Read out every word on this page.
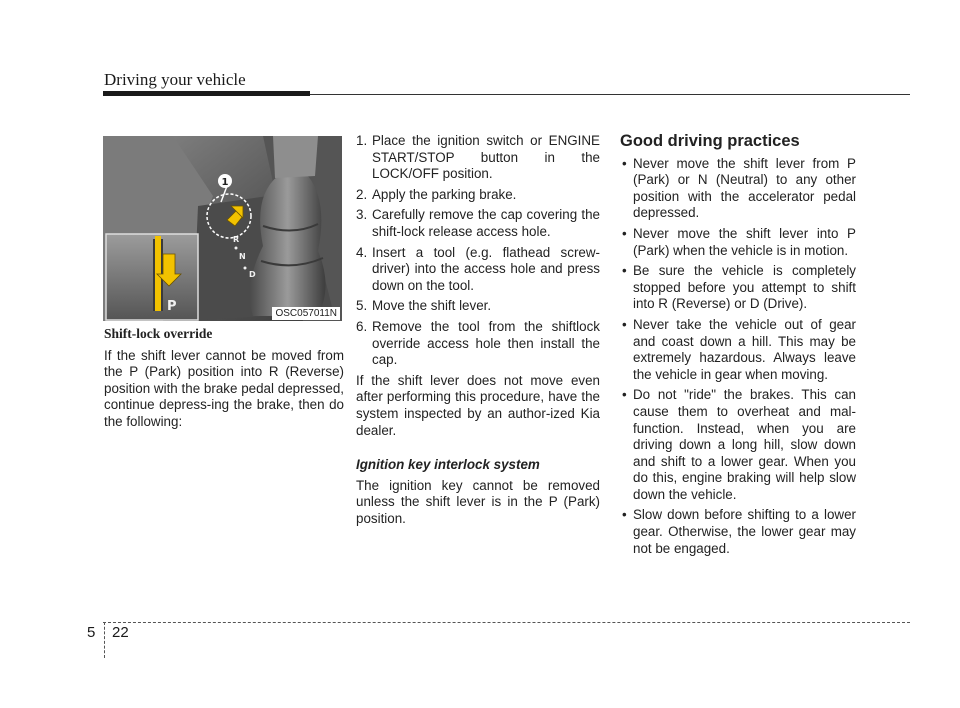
Driving your vehicle
R
N
D
1
P	OSC057011N
Shift-lock override

If the shift lever cannot be moved from the P (Park) position into R (Reverse) position with the brake pedal depressed, continue depress-ing the brake, then do the following:

1. Place the ignition switch or ENGINE START/STOP button in the LOCK/OFF position.
2. Apply the parking brake.
3. Carefully remove the cap covering the shift-lock release access hole.
4. Insert a tool (e.g. flathead screw-driver) into the access hole and press down on the tool.
5. Move the shift lever.
6. Remove the tool from the shiftlock override access hole then install the cap.

If the shift lever does not move even after performing this procedure, have the system inspected by an author-ized Kia dealer.

Ignition key interlock system

The ignition key cannot be removed unless the shift lever is in the P (Park) position.

Good driving practices
• Never move the shift lever from P (Park) or N (Neutral) to any other position with the accelerator pedal depressed.
• Never move the shift lever into P (Park) when the vehicle is in motion.
• Be sure the vehicle is completely stopped before you attempt to shift into R (Reverse) or D (Drive).
• Never take the vehicle out of gear and coast down a hill. This may be extremely hazardous. Always leave the vehicle in gear when moving.
• Do not "ride" the brakes. This can cause them to overheat and mal-function. Instead, when you are driving down a long hill, slow down and shift to a lower gear. When you do this, engine braking will help slow down the vehicle.
• Slow down before shifting to a lower gear. Otherwise, the lower gear may not be engaged.
5 22
